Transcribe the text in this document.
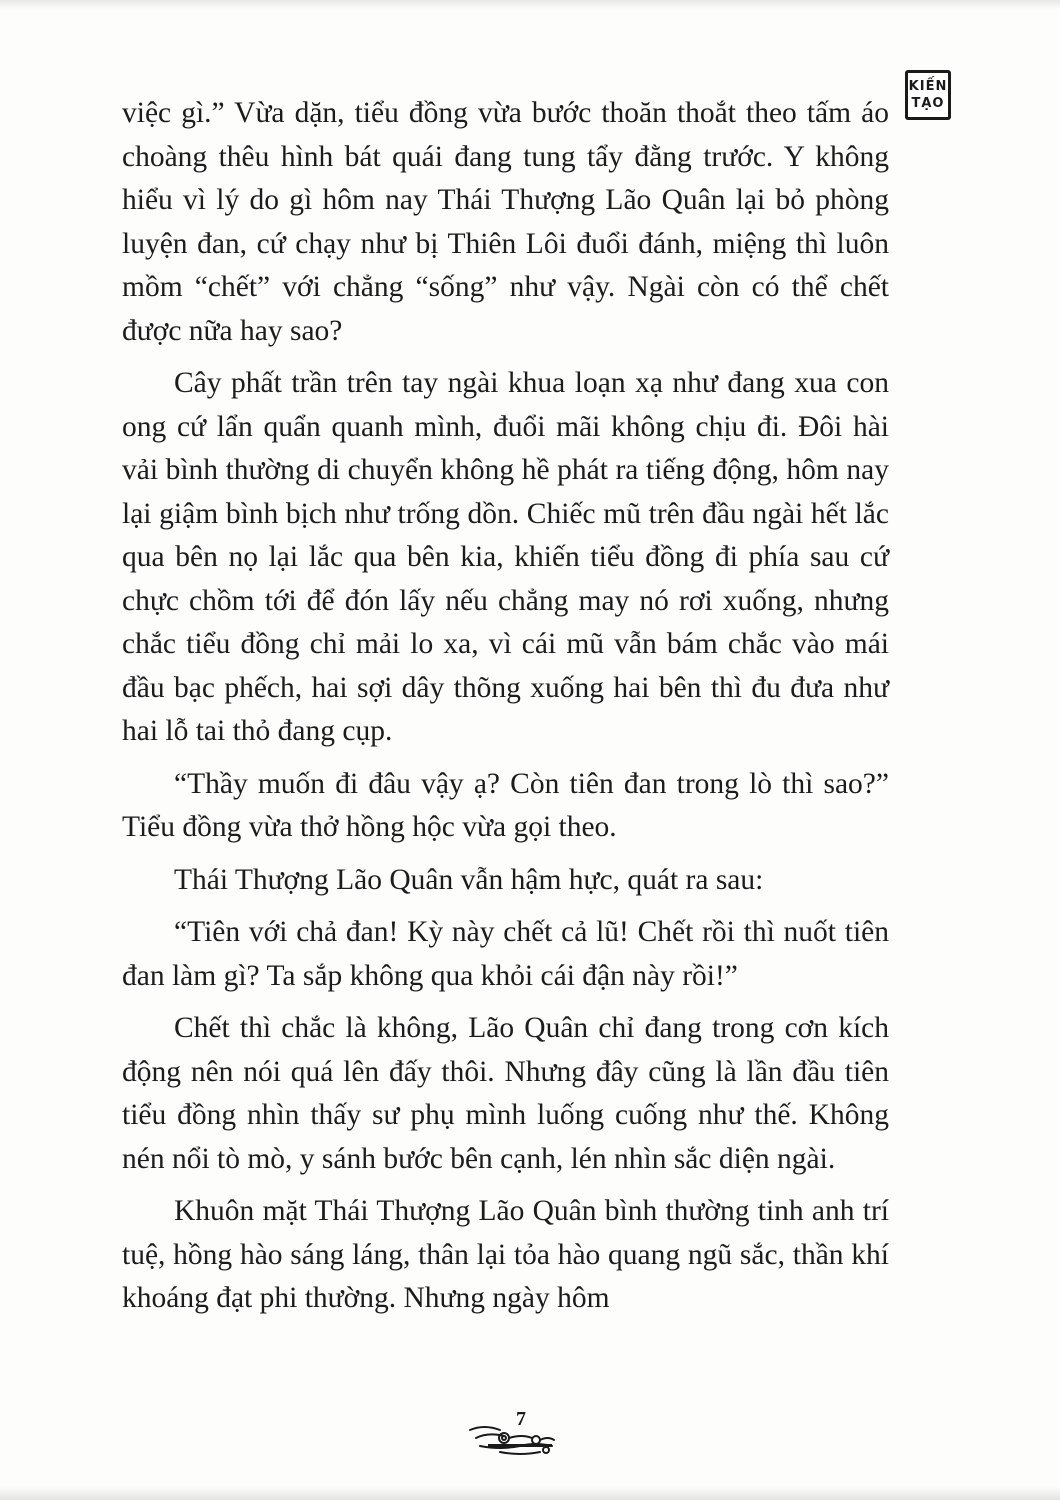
KIẾN
TẠO

việc gì.” Vừa dặn, tiểu đồng vừa bước thoăn thoắt theo tấm áo choàng thêu hình bát quái đang tung tẩy đằng trước. Y không hiểu vì lý do gì hôm nay Thái Thượng Lão Quân lại bỏ phòng luyện đan, cứ chạy như bị Thiên Lôi đuổi đánh, miệng thì luôn mồm “chết” với chẳng “sống” như vậy. Ngài còn có thể chết được nữa hay sao?

Cây phất trần trên tay ngài khua loạn xạ như đang xua con ong cứ lẩn quẩn quanh mình, đuổi mãi không chịu đi. Đôi hài vải bình thường di chuyển không hề phát ra tiếng động, hôm nay lại giậm bình bịch như trống dồn. Chiếc mũ trên đầu ngài hết lắc qua bên nọ lại lắc qua bên kia, khiến tiểu đồng đi phía sau cứ chực chồm tới để đón lấy nếu chẳng may nó rơi xuống, nhưng chắc tiểu đồng chỉ mải lo xa, vì cái mũ vẫn bám chắc vào mái đầu bạc phếch, hai sợi dây thõng xuống hai bên thì đu đưa như hai lỗ tai thỏ đang cụp.

“Thầy muốn đi đâu vậy ạ? Còn tiên đan trong lò thì sao?” Tiểu đồng vừa thở hồng hộc vừa gọi theo.

Thái Thượng Lão Quân vẫn hậm hực, quát ra sau:

“Tiên với chả đan! Kỳ này chết cả lũ! Chết rồi thì nuốt tiên đan làm gì? Ta sắp không qua khỏi cái đận này rồi!”

Chết thì chắc là không, Lão Quân chỉ đang trong cơn kích động nên nói quá lên đấy thôi. Nhưng đây cũng là lần đầu tiên tiểu đồng nhìn thấy sư phụ mình luống cuống như thế. Không nén nổi tò mò, y sánh bước bên cạnh, lén nhìn sắc diện ngài.

Khuôn mặt Thái Thượng Lão Quân bình thường tinh anh trí tuệ, hồng hào sáng láng, thân lại tỏa hào quang ngũ sắc, thần khí khoáng đạt phi thường. Nhưng ngày hôm

7
